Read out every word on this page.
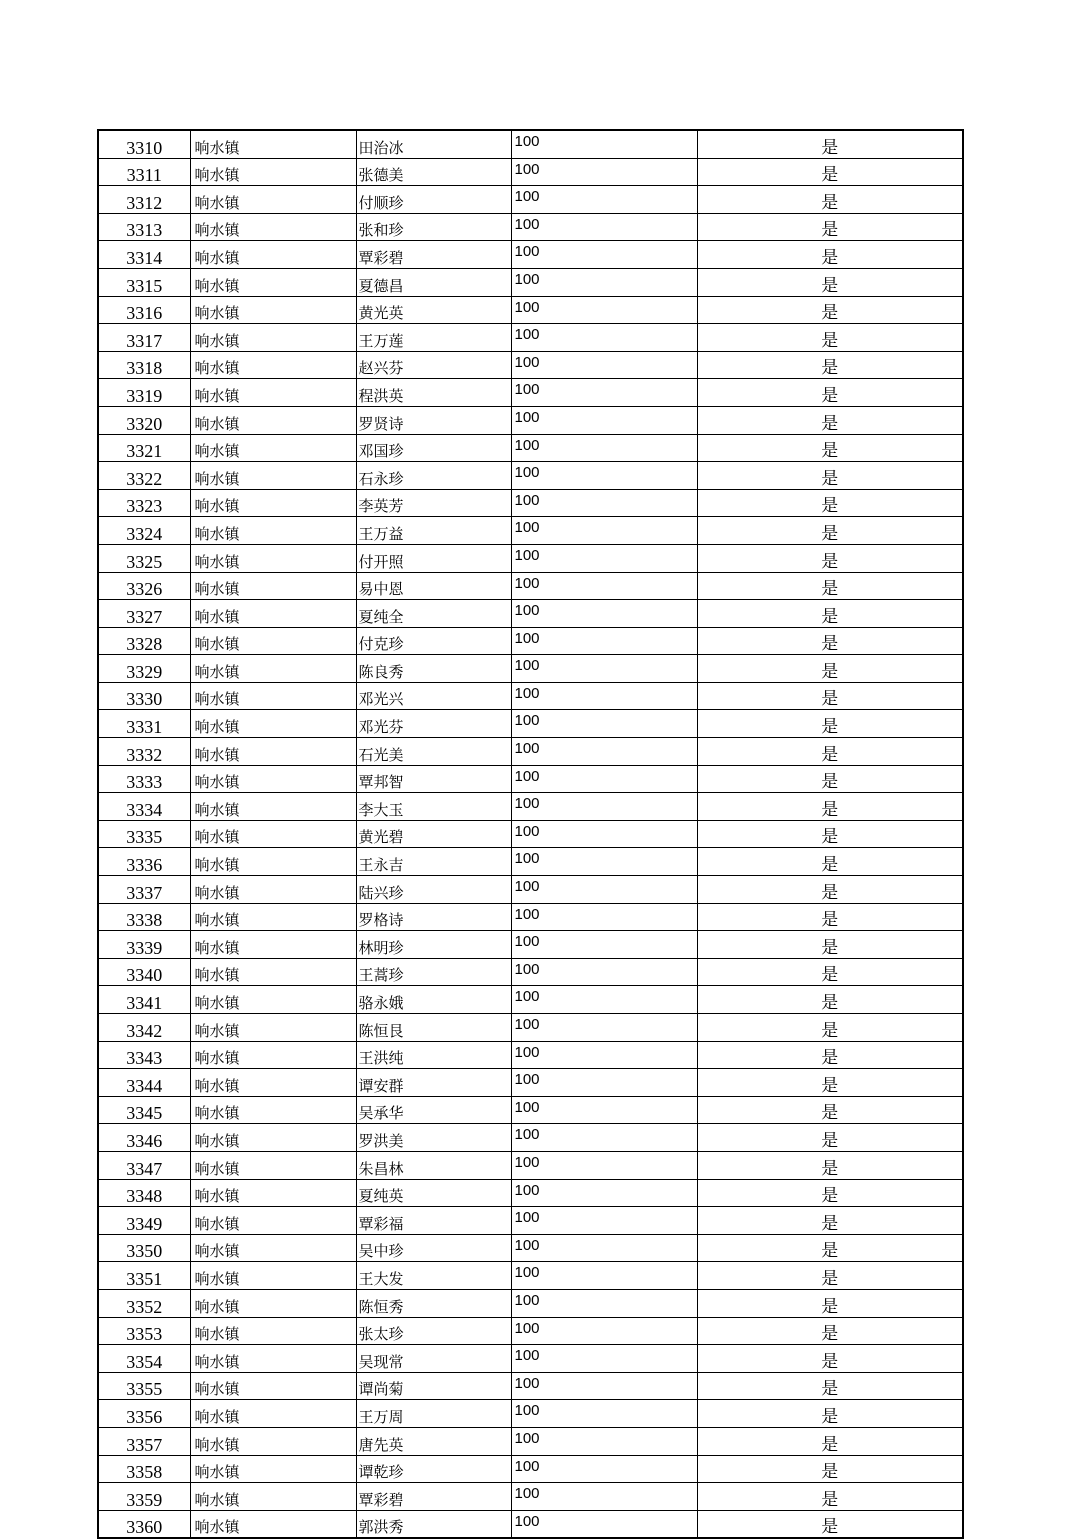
3310	响水镇	田治冰	100	是
3311	响水镇	张德美	100	是
3312	响水镇	付顺珍	100	是
3313	响水镇	张和珍	100	是
3314	响水镇	覃彩碧	100	是
3315	响水镇	夏德昌	100	是
3316	响水镇	黄光英	100	是
3317	响水镇	王万莲	100	是
3318	响水镇	赵兴芬	100	是
3319	响水镇	程洪英	100	是
3320	响水镇	罗贤诗	100	是
3321	响水镇	邓国珍	100	是
3322	响水镇	石永珍	100	是
3323	响水镇	李英芳	100	是
3324	响水镇	王万益	100	是
3325	响水镇	付开照	100	是
3326	响水镇	易中恩	100	是
3327	响水镇	夏纯全	100	是
3328	响水镇	付克珍	100	是
3329	响水镇	陈良秀	100	是
3330	响水镇	邓光兴	100	是
3331	响水镇	邓光芬	100	是
3332	响水镇	石光美	100	是
3333	响水镇	覃邦智	100	是
3334	响水镇	李大玉	100	是
3335	响水镇	黄光碧	100	是
3336	响水镇	王永吉	100	是
3337	响水镇	陆兴珍	100	是
3338	响水镇	罗格诗	100	是
3339	响水镇	林明珍	100	是
3340	响水镇	王蒿珍	100	是
3341	响水镇	骆永娥	100	是
3342	响水镇	陈恒艮	100	是
3343	响水镇	王洪纯	100	是
3344	响水镇	谭安群	100	是
3345	响水镇	吴承华	100	是
3346	响水镇	罗洪美	100	是
3347	响水镇	朱昌林	100	是
3348	响水镇	夏纯英	100	是
3349	响水镇	覃彩福	100	是
3350	响水镇	吴中珍	100	是
3351	响水镇	王大发	100	是
3352	响水镇	陈恒秀	100	是
3353	响水镇	张太珍	100	是
3354	响水镇	吴现常	100	是
3355	响水镇	谭尚菊	100	是
3356	响水镇	王万周	100	是
3357	响水镇	唐先英	100	是
3358	响水镇	谭乾珍	100	是
3359	响水镇	覃彩碧	100	是
3360	响水镇	郭洪秀	100	是
